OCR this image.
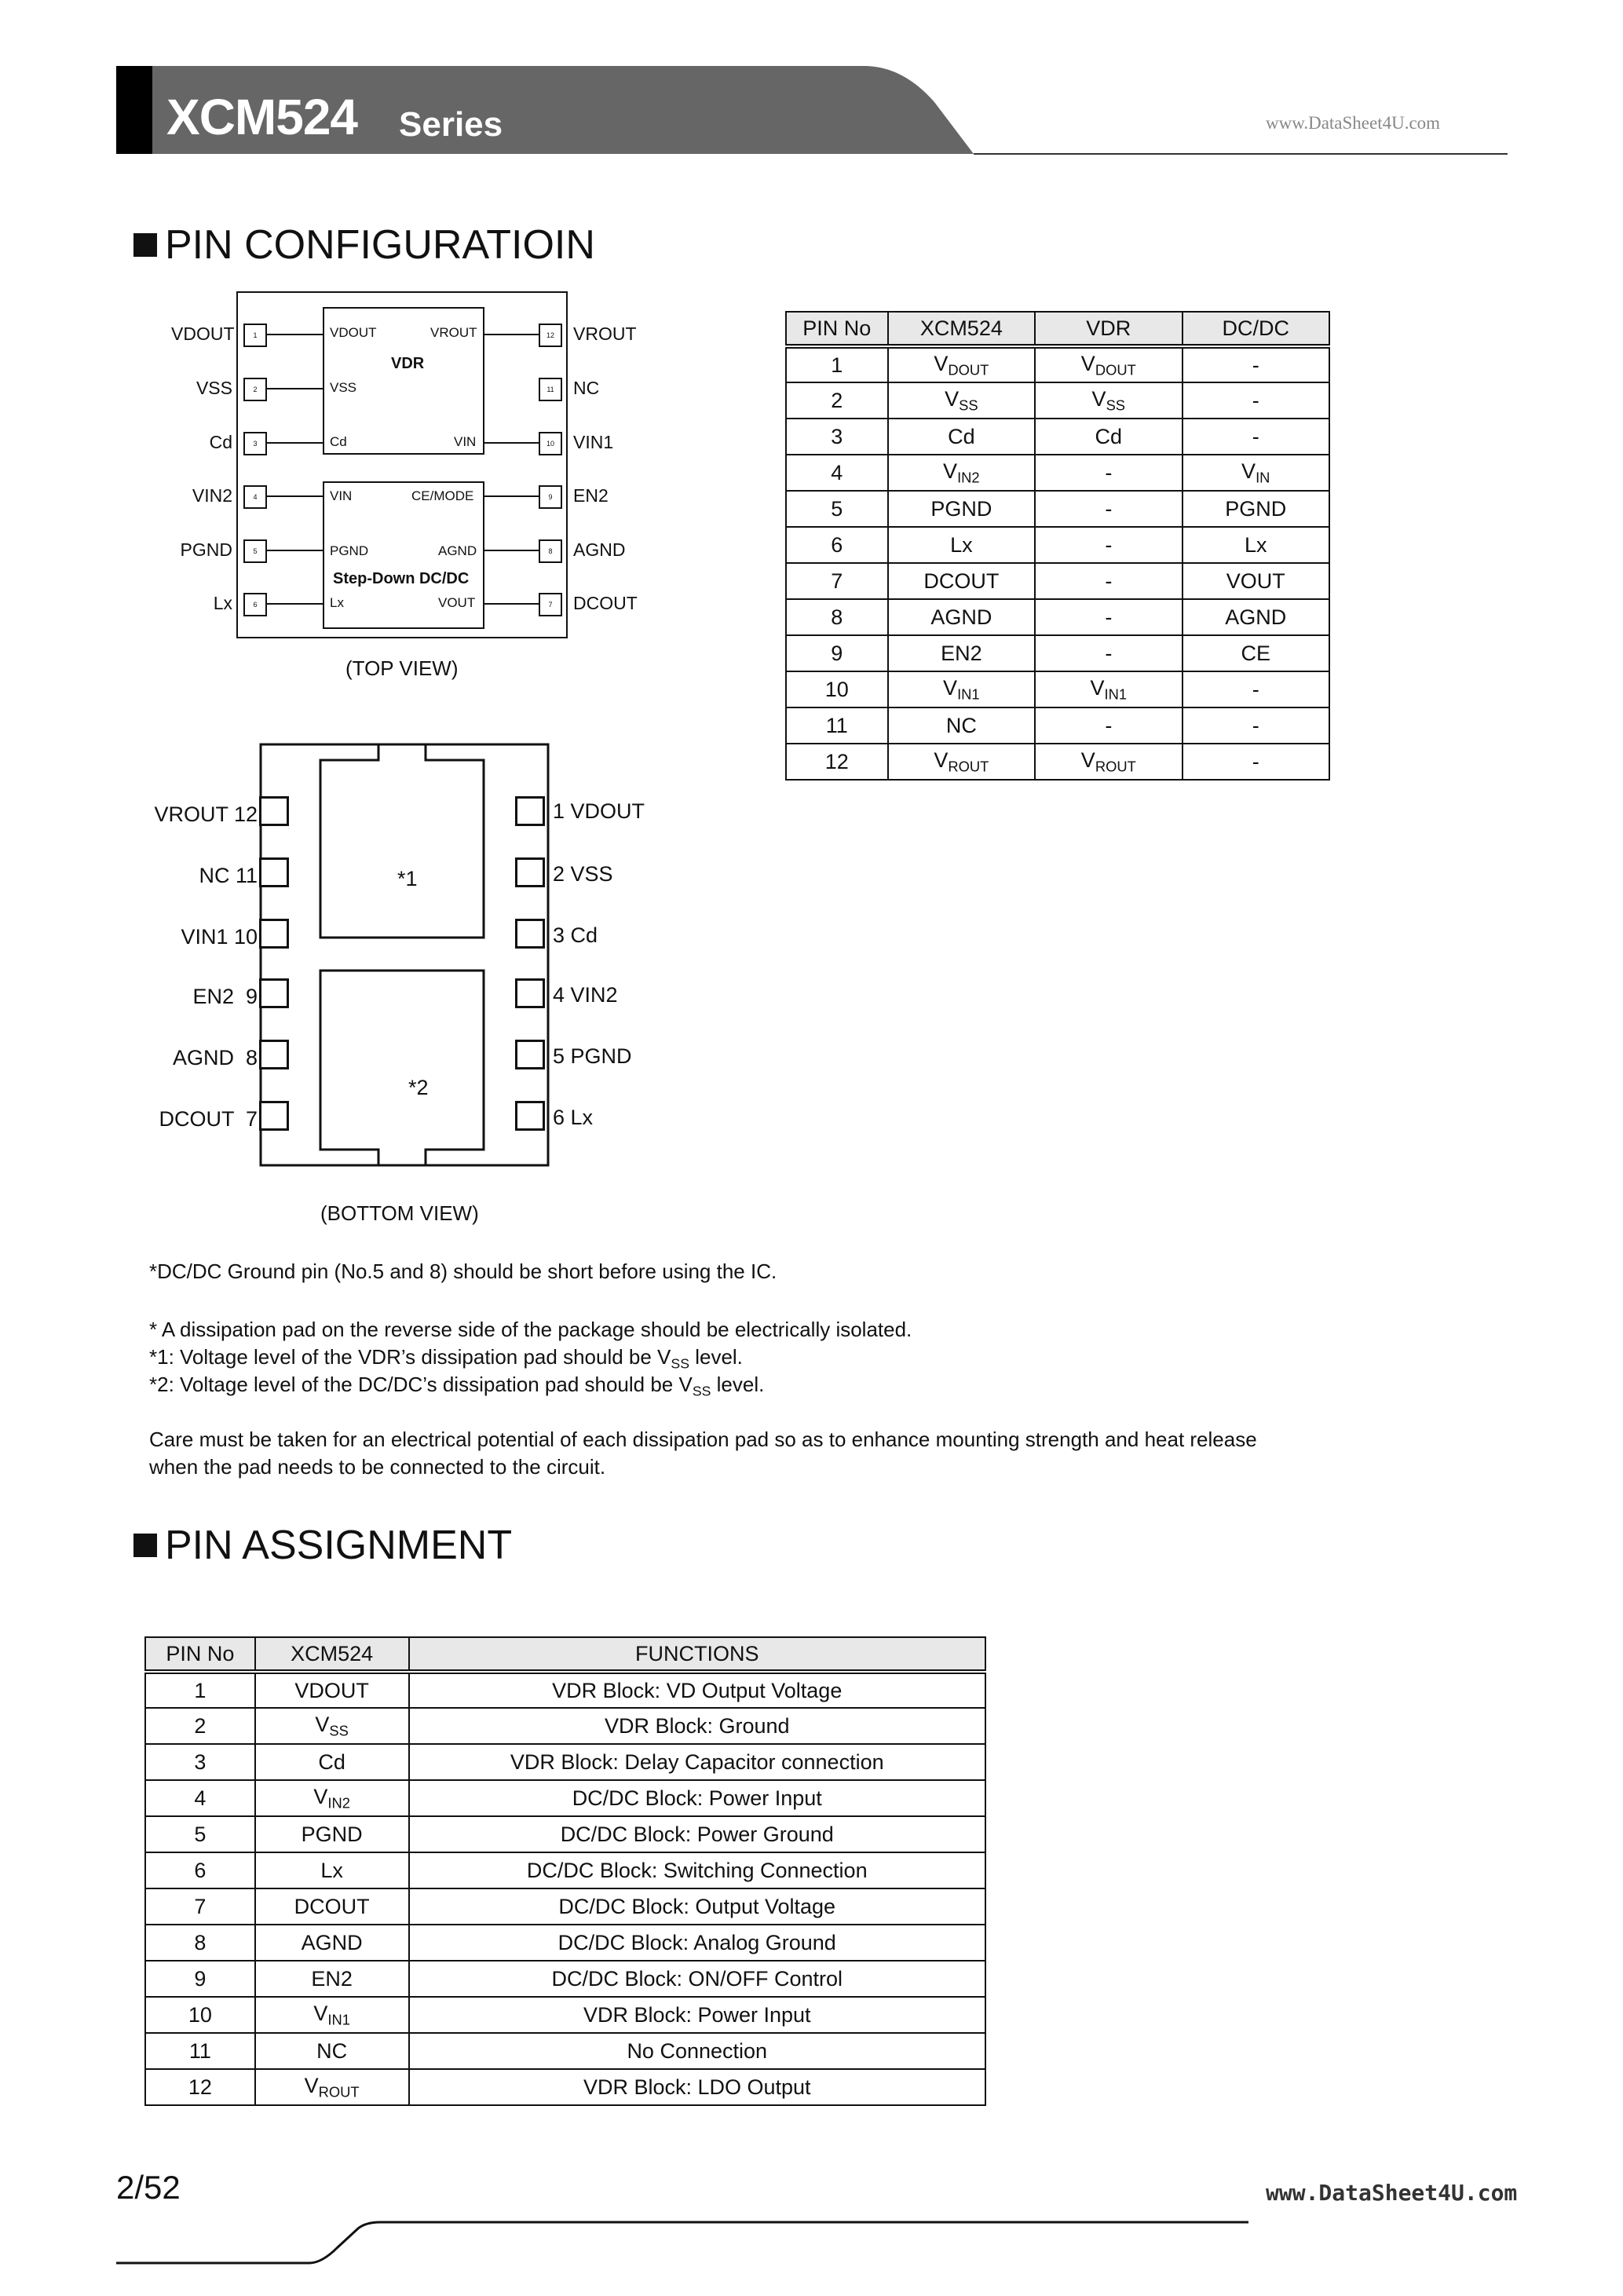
XCM524 Series	www.DataSheet4U.com
PIN CONFIGURATIOIN
VDOUT	1	VDOUT
VSS	2	VSS
Cd	3	Cd
VIN2	4	VIN
PGND	5	PGND
Lx	6	Lx
12	VROUT
VROUT
11	NC
10	VIN1
VIN
9	EN2
CE/MODE
8	AGND
AGND
7	DCOUT
VOUT
VDR
Step-Down DC/DC
(TOP VIEW)
VROUT 12
NC 11
VIN1 10
EN2  9
AGND  8
DCOUT  7
1 VDOUT
2 VSS
3 Cd
4 VIN2
5 PGND
6 Lx
*1
*2
(BOTTOM VIEW)
PIN No	XCM524	VDR	DC/DC
1	$V_{DOUT}$	$V_{DOUT}$	-
2	$V_{SS}$	$V_{SS}$	-
3	Cd	Cd	-
4	$V_{IN2}$	-	$V_{IN}$
5	PGND	-	PGND
6	Lx	-	Lx
7	DCOUT	-	VOUT
8	AGND	-	AGND
9	EN2	-	CE
10	$V_{IN1}$	$V_{IN1}$	-
11	NC	-	-
12	$V_{ROUT}$	$V_{ROUT}$	-
*DC/DC Ground pin (No.5 and 8) should be short before using the IC.
* A dissipation pad on the reverse side of the package should be electrically isolated.
*1: Voltage level of the VDR’s dissipation pad should be $V_{SS}$ level.
*2: Voltage level of the DC/DC’s dissipation pad should be $V_{SS}$ level.
Care must be taken for an electrical potential of each dissipation pad so as to enhance mounting strength and heat release
when the pad needs to be connected to the circuit.
PIN ASSIGNMENT
PIN No	XCM524	FUNCTIONS
1	VDOUT	VDR Block: VD Output Voltage
2	$V_{SS}$	VDR Block: Ground
3	Cd	VDR Block: Delay Capacitor connection
4	$V_{IN2}$	DC/DC Block: Power Input
5	PGND	DC/DC Block: Power Ground
6	Lx	DC/DC Block: Switching Connection
7	DCOUT	DC/DC Block: Output Voltage
8	AGND	DC/DC Block: Analog Ground
9	EN2	DC/DC Block: ON/OFF Control
10	$V_{IN1}$	VDR Block: Power Input
11	NC	No Connection
12	$V_{ROUT}$	VDR Block: LDO Output
2/52	www.DataSheet4U.com
